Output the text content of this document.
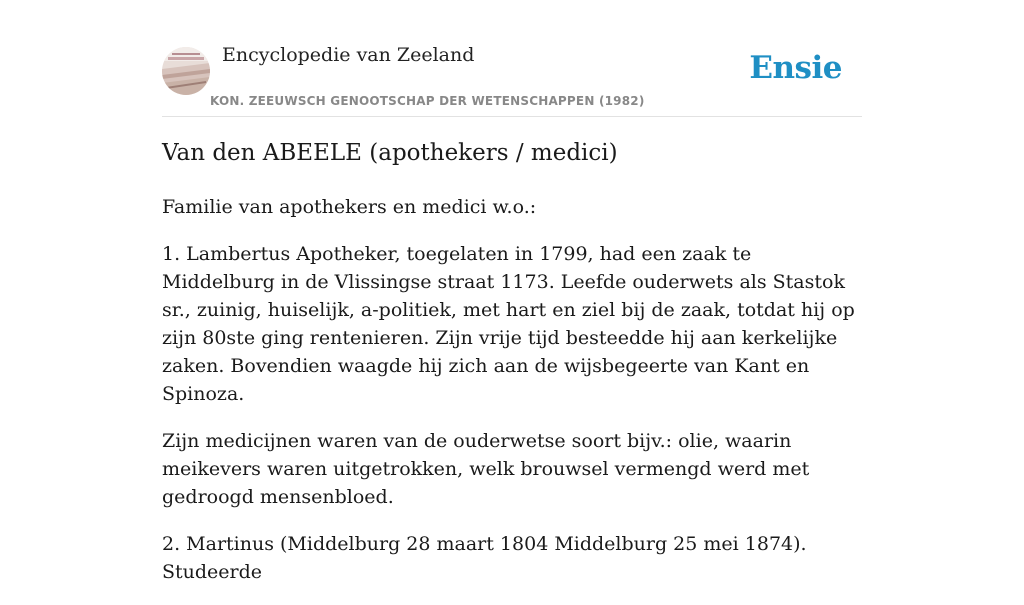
Encyclopedie van Zeeland
KON. ZEEUWSCH GENOOTSCHAP DER WETENSCHAPPEN (1982)
Ensie
Van den ABEELE (apothekers / medici)

Familie van apothekers en medici w.o.:

1. Lambertus Apotheker, toegelaten in 1799, had een zaak te Middelburg in de Vlissingse straat 1173. Leefde ouderwets als Stastok sr., zuinig, huiselijk, a-politiek, met hart en ziel bij de zaak, totdat hij op zijn 80ste ging rentenieren. Zijn vrije tijd besteedde hij aan kerkelijke zaken. Bovendien waagde hij zich aan de wijsbegeerte van Kant en Spinoza.

Zijn medicijnen waren van de ouderwetse soort bijv.: olie, waarin meikevers waren uitgetrokken, welk brouwsel vermengd werd met gedroogd mensenbloed.

2. Martinus (Middelburg 28 maart 1804 Middelburg 25 mei 1874). Studeerde
